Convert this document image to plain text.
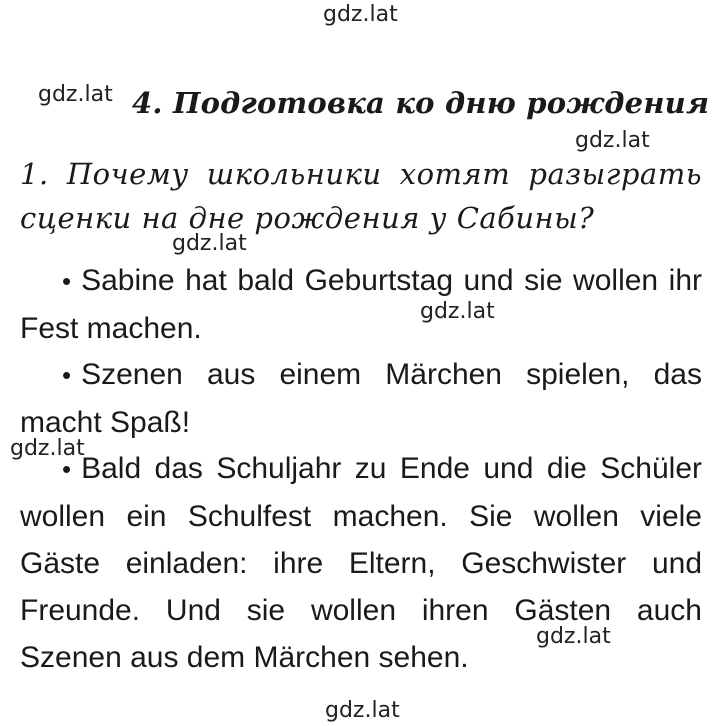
4. Подготовка ко дню рождения

1. Почему школьники хотят разыграть сценки на дне рождения у Сабины?

• Sabine hat bald Geburtstag und sie wollen ihr Fest machen.

• Szenen aus einem Märchen spielen, das macht Spaß!

• Bald das Schuljahr zu Ende und die Schüler wollen ein Schulfest machen. Sie wollen viele Gäste einladen: ihre Eltern, Geschwister und Freunde. Und sie wollen ihren Gästen auch Szenen aus dem Märchen sehen.

gdz.lat
gdz.lat
gdz.lat
gdz.lat
gdz.lat
gdz.lat
gdz.lat
gdz.lat
